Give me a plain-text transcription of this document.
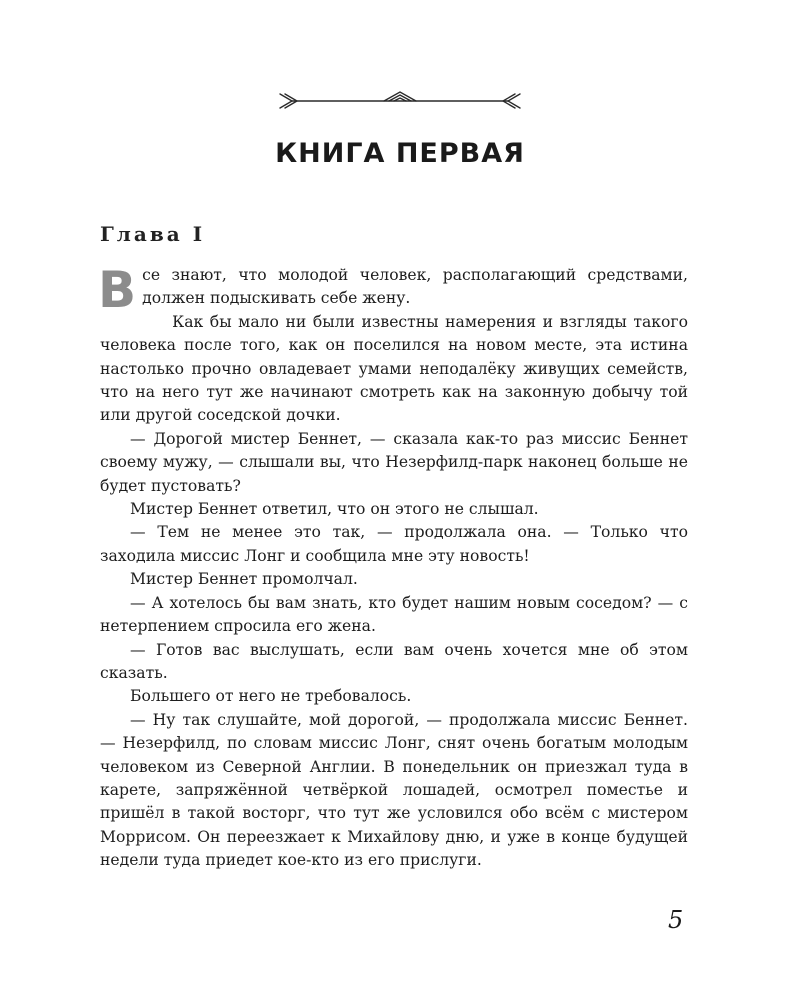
КНИГА ПЕРВАЯ
Глава I

Все знают, что молодой человек, располагающий средствами, должен подыскивать себе жену.

Как бы мало ни были известны намерения и взгляды такого человека после того, как он поселился на новом месте, эта истина настолько прочно овладевает умами неподалёку живущих семейств, что на него тут же начинают смотреть как на законную добычу той или другой соседской дочки.

— Дорогой мистер Беннет, — сказала как-то раз миссис Беннет своему мужу, — слышали вы, что Незерфилд-парк наконец больше не будет пустовать?

Мистер Беннет ответил, что он этого не слышал.

— Тем не менее это так, — продолжала она. — Только что заходила миссис Лонг и сообщила мне эту новость!

Мистер Беннет промолчал.

— А хотелось бы вам знать, кто будет нашим новым соседом? — с нетерпением спросила его жена.

— Готов вас выслушать, если вам очень хочется мне об этом сказать.

Большего от него не требовалось.

— Ну так слушайте, мой дорогой, — продолжала миссис Беннет. — Незерфилд, по словам миссис Лонг, снят очень богатым молодым человеком из Северной Англии. В понедельник он приезжал туда в карете, запряжённой четвёркой лошадей, осмотрел поместье и пришёл в такой восторг, что тут же условился обо всём с мистером Моррисом. Он переезжает к Михайлову дню, и уже в конце будущей недели туда приедет кое-кто из его прислуги.

5
